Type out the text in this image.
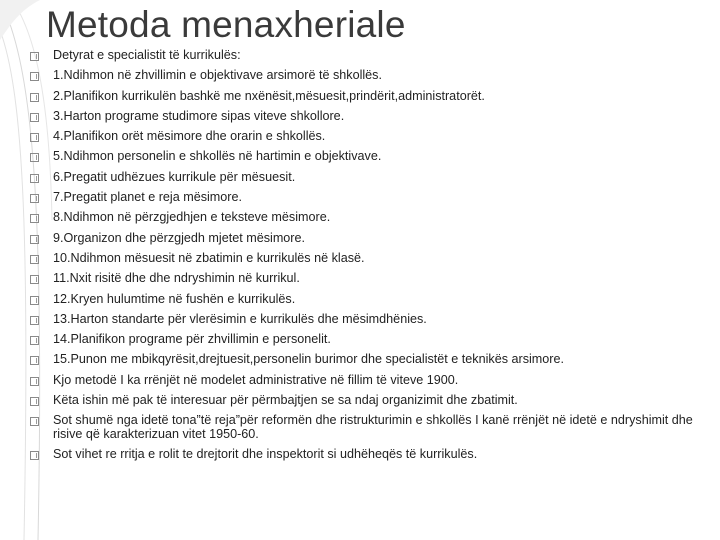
Metoda menaxheriale
Detyrat e specialistit të kurrikulës:
1.Ndihmon në zhvillimin e objektivave arsimorë të shkollës.
2.Planifikon kurrikulën bashkë me nxënësit,mësuesit,prindërit,administratorët.
3.Harton programe studimore sipas viteve shkollore.
4.Planifikon orët mësimore dhe orarin e shkollës.
5.Ndihmon personelin e shkollës në hartimin e objektivave.
6.Pregatit udhëzues kurrikule për mësuesit.
7.Pregatit planet e reja mësimore.
8.Ndihmon në përzgjedhjen e teksteve mësimore.
9.Organizon dhe përzgjedh mjetet mësimore.
10.Ndihmon mësuesit në zbatimin e kurrikulës në klasë.
11.Nxit risitë dhe dhe ndryshimin në kurrikul.
12.Kryen hulumtime në fushën e kurrikulës.
13.Harton standarte për vlerësimin e kurrikulës dhe mësimdhënies.
14.Planifikon programe për zhvillimin e personelit.
15.Punon me mbikqyrësit,drejtuesit,personelin burimor dhe specialistët e teknikës arsimore.
Kjo metodë I ka rrënjët në modelet administrative në fillim të viteve 1900.
Këta ishin më pak të interesuar për përmbajtjen se sa ndaj organizimit dhe zbatimit.
Sot shumë nga idetë tona”të reja”për reformën dhe ristrukturimin e shkollës I kanë rrënjët në idetë e ndryshimit dhe risive që karakterizuan vitet 1950-60.
Sot vihet re rritja e rolit te drejtorit dhe inspektorit si udhëheqës të kurrikulës.
